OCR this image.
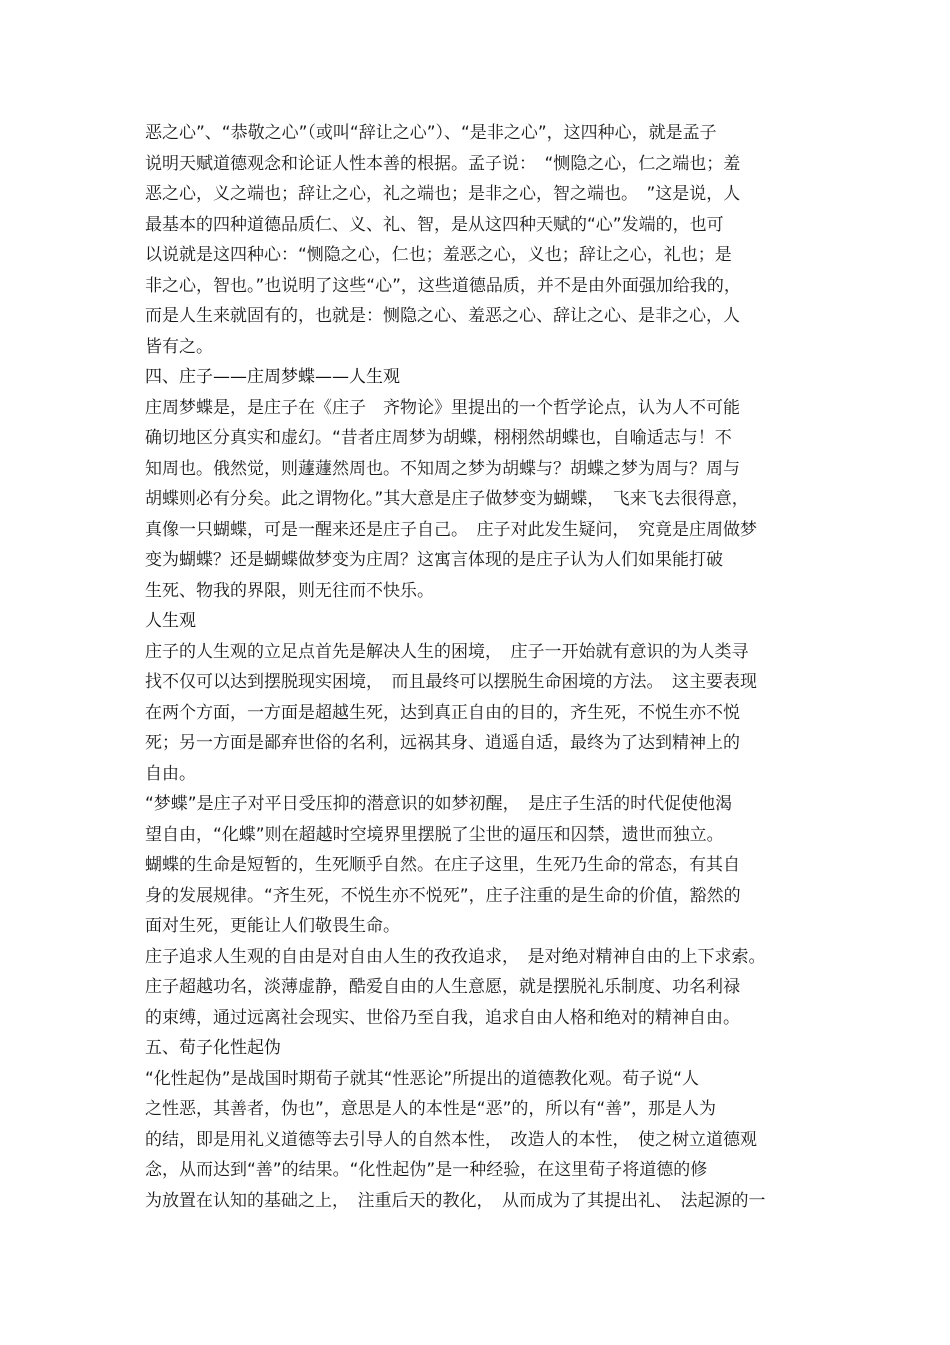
恶之心”、“恭敬之心”（或叫“辞让之心”）、“是非之心”，这四种心，就是孟子
说明天赋道德观念和论证人性本善的根据。孟子说：　“恻隐之心，仁之端也；羞
恶之心，义之端也；辞让之心，礼之端也；是非之心，智之端也。　”这是说，人
最基本的四种道德品质仁、义、礼、智，是从这四种天赋的“心”发端的，也可
以说就是这四种心：“恻隐之心，仁也；羞恶之心，义也；辞让之心，礼也；是
非之心，智也。”也说明了这些“心”，这些道德品质，并不是由外面强加给我的，
而是人生来就固有的，也就是：恻隐之心、羞恶之心、辞让之心、是非之心，人
皆有之。
四、庄子——庄周梦蝶——人生观
庄周梦蝶是，是庄子在《庄子　齐物论》里提出的一个哲学论点，认为人不可能
确切地区分真实和虚幻。“昔者庄周梦为胡蝶，栩栩然胡蝶也，自喻适志与！不
知周也。俄然觉，则蘧蘧然周也。不知周之梦为胡蝶与？胡蝶之梦为周与？周与
胡蝶则必有分矣。此之谓物化。”其大意是庄子做梦变为蝴蝶，　飞来飞去很得意，
真像一只蝴蝶，可是一醒来还是庄子自己。　庄子对此发生疑问，　究竟是庄周做梦
变为蝴蝶？还是蝴蝶做梦变为庄周？这寓言体现的是庄子认为人们如果能打破
生死、物我的界限，则无往而不快乐。
人生观
庄子的人生观的立足点首先是解决人生的困境，　庄子一开始就有意识的为人类寻
找不仅可以达到摆脱现实困境，　而且最终可以摆脱生命困境的方法。　这主要表现
在两个方面，一方面是超越生死，达到真正自由的目的，齐生死，不悦生亦不悦
死；另一方面是鄙弃世俗的名利，远祸其身、逍遥自适，最终为了达到精神上的
自由。
“梦蝶”是庄子对平日受压抑的潜意识的如梦初醒，　是庄子生活的时代促使他渴
望自由，“化蝶”则在超越时空境界里摆脱了尘世的逼压和囚禁，遗世而独立。
蝴蝶的生命是短暂的，生死顺乎自然。在庄子这里，生死乃生命的常态，有其自
身的发展规律。“齐生死，不悦生亦不悦死”，庄子注重的是生命的价值，豁然的
面对生死，更能让人们敬畏生命。
庄子追求人生观的自由是对自由人生的孜孜追求，　是对绝对精神自由的上下求索。
庄子超越功名，淡薄虚静，酷爱自由的人生意愿，就是摆脱礼乐制度、功名利禄
的束缚，通过远离社会现实、世俗乃至自我，追求自由人格和绝对的精神自由。
五、荀子化性起伪
“化性起伪”是战国时期荀子就其“性恶论”所提出的道德教化观。荀子说“人
之性恶，其善者，伪也”，意思是人的本性是“恶”的，所以有“善”，那是人为
的结，即是用礼义道德等去引导人的自然本性，　改造人的本性，　使之树立道德观
念，从而达到“善”的结果。“化性起伪”是一种经验，在这里荀子将道德的修
为放置在认知的基础之上，　注重后天的教化，　从而成为了其提出礼、　法起源的一
